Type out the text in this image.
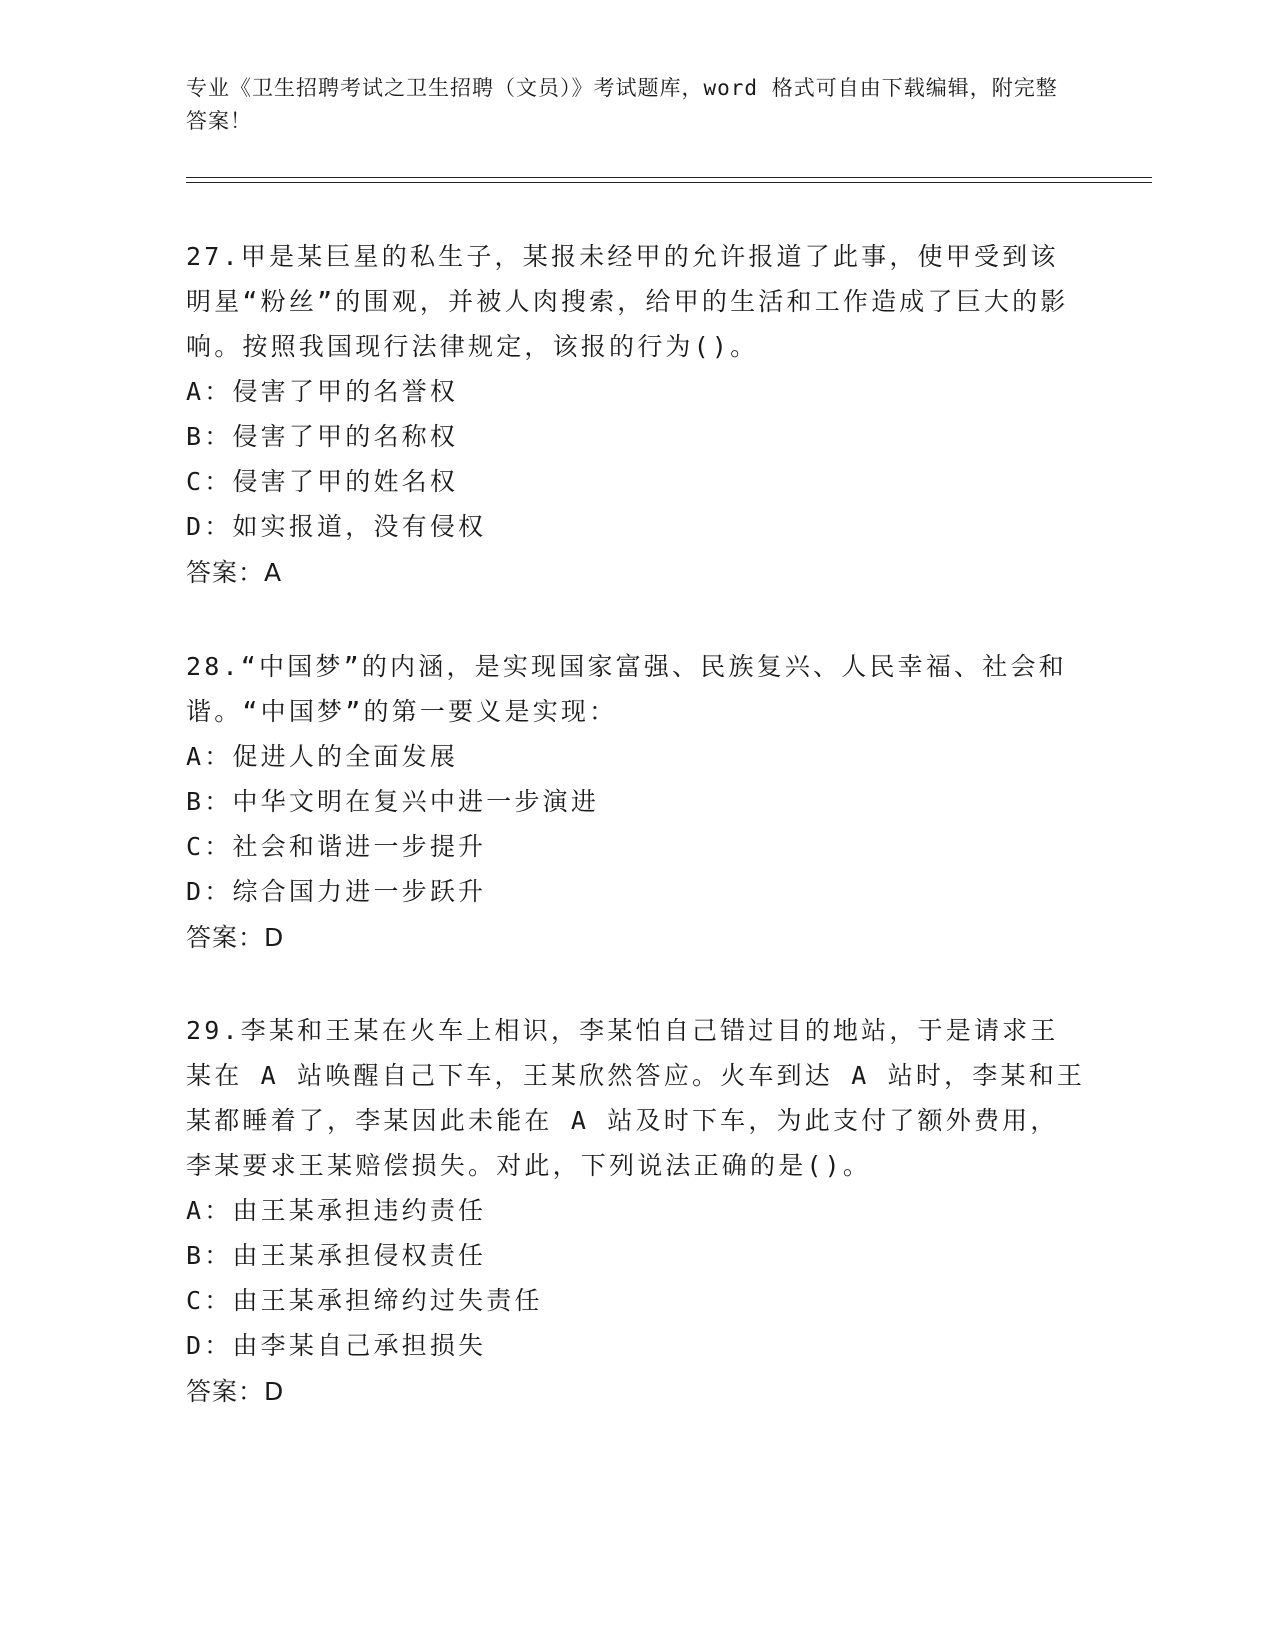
专业《卫生招聘考试之卫生招聘（文员）》考试题库，word 格式可自由下载编辑，附完整答案！
27.甲是某巨星的私生子，某报未经甲的允许报道了此事，使甲受到该明星“粉丝”的围观，并被人肉搜索，给甲的生活和工作造成了巨大的影响。按照我国现行法律规定，该报的行为()。
A：侵害了甲的名誉权
B：侵害了甲的名称权
C：侵害了甲的姓名权
D：如实报道，没有侵权
答案：A
28.“中国梦”的内涵，是实现国家富强、民族复兴、人民幸福、社会和谐。“中国梦”的第一要义是实现：
A：促进人的全面发展
B：中华文明在复兴中进一步演进
C：社会和谐进一步提升
D：综合国力进一步跃升
答案：D
29.李某和王某在火车上相识，李某怕自己错过目的地站，于是请求王某在 A 站唤醒自己下车，王某欣然答应。火车到达 A 站时，李某和王某都睡着了，李某因此未能在 A 站及时下车，为此支付了额外费用，李某要求王某赔偿损失。对此，下列说法正确的是()。
A：由王某承担违约责任
B：由王某承担侵权责任
C：由王某承担缔约过失责任
D：由李某自己承担损失
答案：D
